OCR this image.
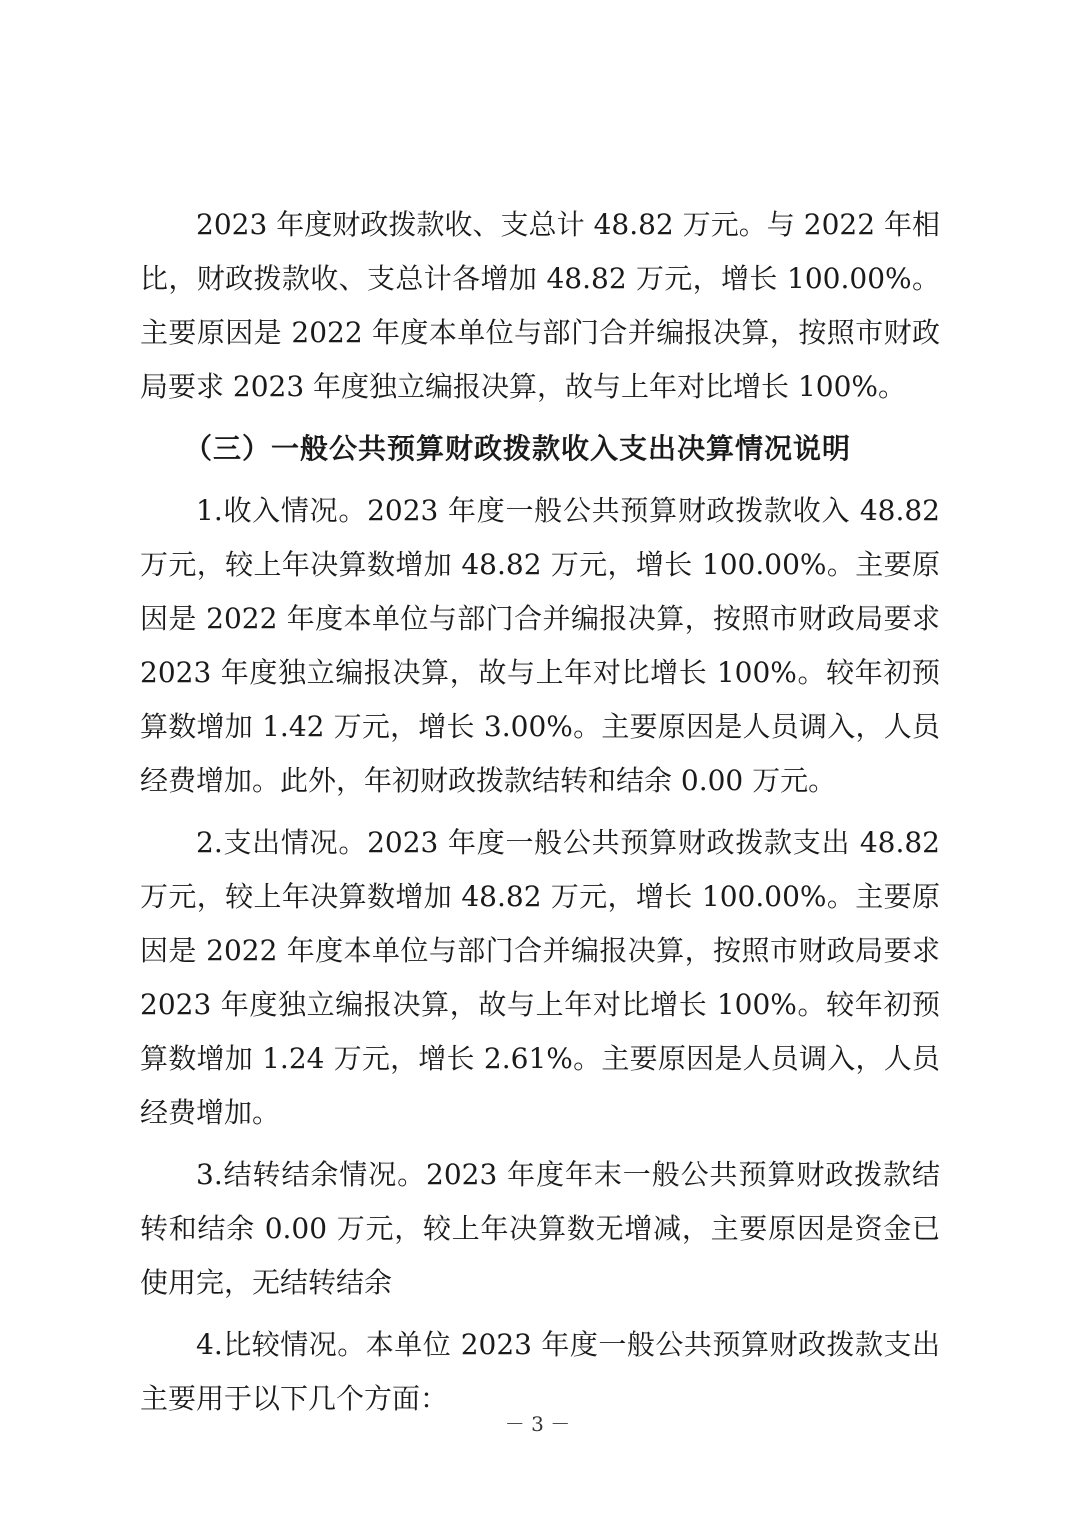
2023 年度财政拨款收、支总计 48.82 万元。与 2022 年相比，财政拨款收、支总计各增加 48.82 万元，增长 100.00%。主要原因是 2022 年度本单位与部门合并编报决算，按照市财政局要求 2023 年度独立编报决算，故与上年对比增长 100%。

（三）一般公共预算财政拨款收入支出决算情况说明

1.收入情况。2023 年度一般公共预算财政拨款收入 48.82 万元，较上年决算数增加 48.82 万元，增长 100.00%。主要原因是 2022 年度本单位与部门合并编报决算，按照市财政局要求 2023 年度独立编报决算，故与上年对比增长 100%。较年初预算数增加 1.42 万元，增长 3.00%。主要原因是人员调入，人员经费增加。此外，年初财政拨款结转和结余 0.00 万元。

2.支出情况。2023 年度一般公共预算财政拨款支出 48.82 万元，较上年决算数增加 48.82 万元，增长 100.00%。主要原因是 2022 年度本单位与部门合并编报决算，按照市财政局要求 2023 年度独立编报决算，故与上年对比增长 100%。较年初预算数增加 1.24 万元，增长 2.61%。主要原因是人员调入，人员经费增加。

3.结转结余情况。2023 年度年末一般公共预算财政拨款结转和结余 0.00 万元，较上年决算数无增减，主要原因是资金已使用完，无结转结余

4.比较情况。本单位 2023 年度一般公共预算财政拨款支出主要用于以下几个方面：

－ 3 －
